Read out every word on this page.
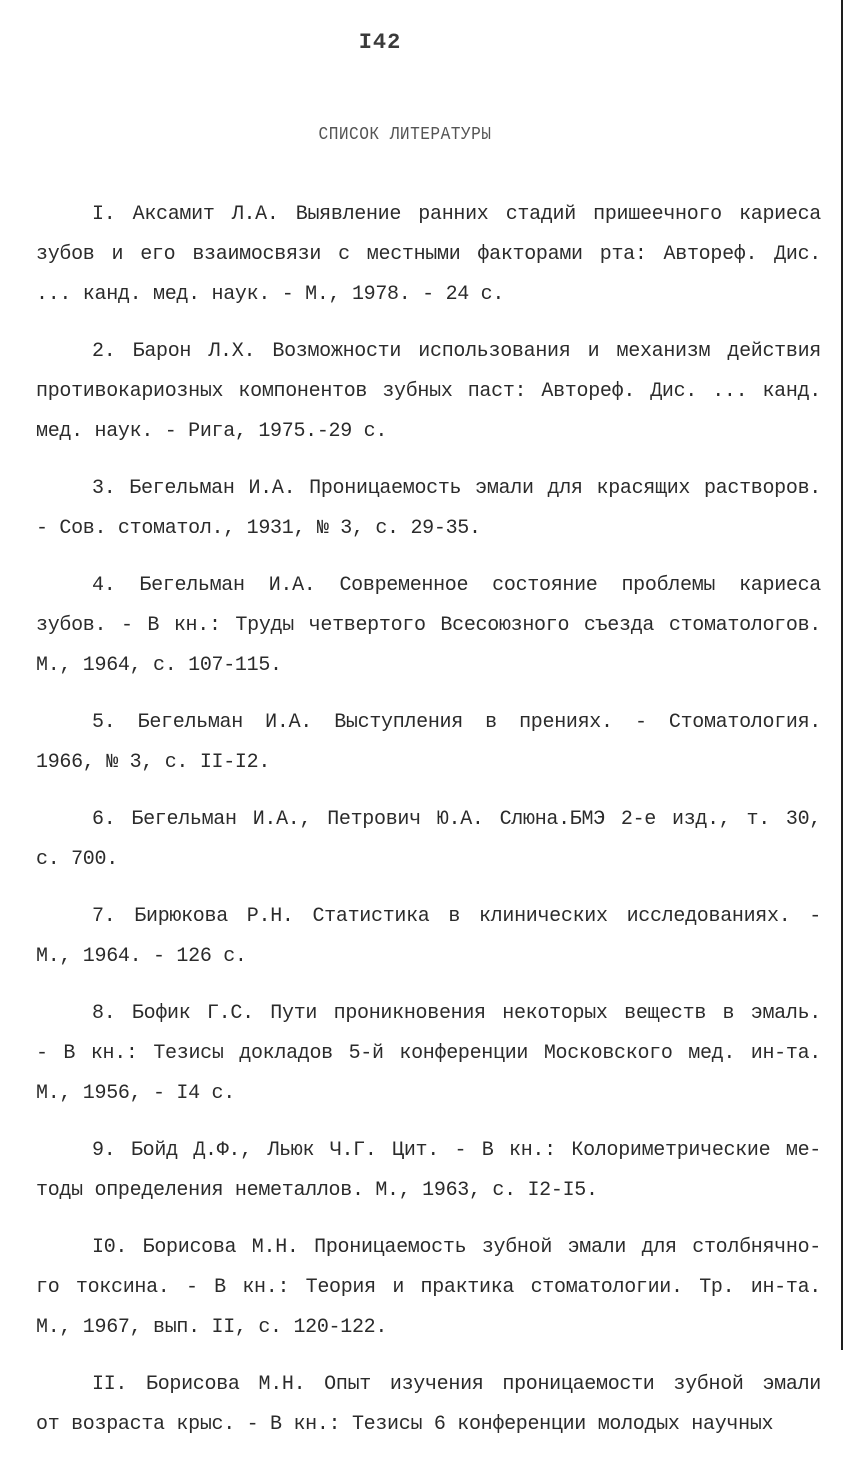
I42
СПИСОК ЛИТЕРАТУРЫ
I. Аксамит Л.А. Выявление ранних стадий пришеечного кариеса
зубов и его взаимосвязи с местными факторами рта: Автореф. Дис.
... канд. мед. наук. - М., 1978. - 24 с.
2. Барон Л.Х. Возможности использования и механизм действия
противокариозных компонентов зубных паст: Автореф. Дис. ... канд.
мед. наук. - Рига, 1975.-29 с.
3. Бегельман И.А. Проницаемость эмали для красящих растворов.
- Сов. стоматол., 1931, № 3, с. 29-35.
4. Бегельман И.А. Современное состояние проблемы кариеса
зубов. - В кн.: Труды четвертого Всесоюзного съезда стоматологов.
М., 1964, с. 107-115.
5. Бегельман И.А. Выступления в прениях. - Стоматология.
1966, № 3, с. II-I2.
6. Бегельман И.А., Петрович Ю.А. Слюна.БМЭ 2-е изд., т. 30,
с. 700.
7. Бирюкова Р.Н. Статистика в клинических исследованиях. -
М., 1964. - 126 с.
8. Бофик Г.С. Пути проникновения некоторых веществ в эмаль.
- В кн.: Тезисы докладов 5-й конференции Московского мед. ин-та.
М., 1956, - I4 с.
9. Бойд Д.Ф., Льюк Ч.Г. Цит. - В кн.: Колориметрические ме-
тоды определения неметаллов. М., 1963, с. I2-I5.
I0. Борисова М.Н. Проницаемость зубной эмали для столбнячно-
го токсина. - В кн.: Теория и практика стоматологии. Тр. ин-та.
М., 1967, вып. II, с. 120-122.
II. Борисова М.Н. Опыт изучения проницаемости зубной эмали
от возраста крыс. - В кн.: Тезисы 6 конференции молодых научных
